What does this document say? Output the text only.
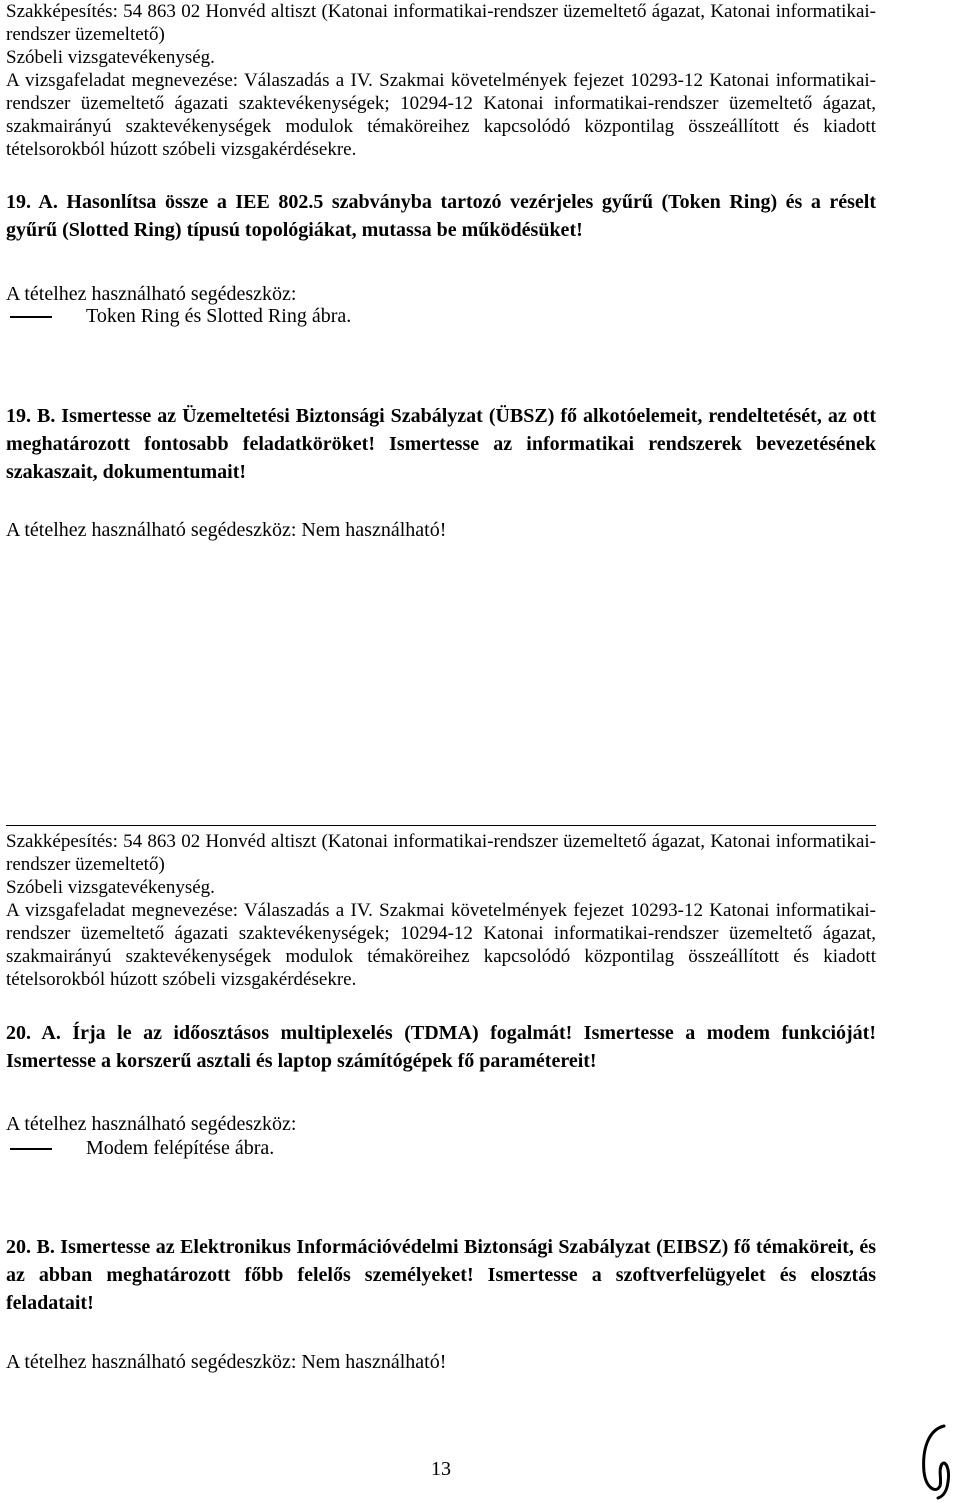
Szakképesítés: 54 863 02 Honvéd altiszt (Katonai informatikai-rendszer üzemeltető ágazat, Katonai informatikai-rendszer üzemeltető)

Szóbeli vizsgatevékenység.

A vizsgafeladat megnevezése: Válaszadás a IV. Szakmai követelmények fejezet 10293-12 Katonai informatikai-rendszer üzemeltető ágazati szaktevékenységek; 10294-12 Katonai informatikai-rendszer üzemeltető ágazat, szakmairányú szaktevékenységek modulok témaköreihez kapcsolódó központilag összeállított és kiadott tételsorokból húzott szóbeli vizsgakérdésekre.

19. A. Hasonlítsa össze a IEE 802.5 szabványba tartozó vezérjeles gyűrű (Token Ring) és a réselt gyűrű (Slotted Ring) típusú topológiákat, mutassa be működésüket!

A tételhez használható segédeszköz:

Token Ring és Slotted Ring ábra.

19. B. Ismertesse az Üzemeltetési Biztonsági Szabályzat (ÜBSZ) fő alkotóelemeit, rendeltetését, az ott meghatározott fontosabb feladatköröket! Ismertesse az informatikai rendszerek bevezetésének szakaszait, dokumentumait!

A tételhez használható segédeszköz: Nem használható!

Szakképesítés: 54 863 02 Honvéd altiszt (Katonai informatikai-rendszer üzemeltető ágazat, Katonai informatikai-rendszer üzemeltető)

Szóbeli vizsgatevékenység.

A vizsgafeladat megnevezése: Válaszadás a IV. Szakmai követelmények fejezet 10293-12 Katonai informatikai-rendszer üzemeltető ágazati szaktevékenységek; 10294-12 Katonai informatikai-rendszer üzemeltető ágazat, szakmairányú szaktevékenységek modulok témaköreihez kapcsolódó központilag összeállított és kiadott tételsorokból húzott szóbeli vizsgakérdésekre.

20. A. Írja le az időosztásos multiplexelés (TDMA) fogalmát! Ismertesse a modem funkcióját! Ismertesse a korszerű asztali és laptop számítógépek fő paramétereit!

A tételhez használható segédeszköz:

Modem felépítése ábra.

20. B. Ismertesse az Elektronikus Információvédelmi Biztonsági Szabályzat (EIBSZ) fő témaköreit, és az abban meghatározott főbb felelős személyeket! Ismertesse a szoftverfelügyelet és elosztás feladatait!

A tételhez használható segédeszköz: Nem használható!

13
